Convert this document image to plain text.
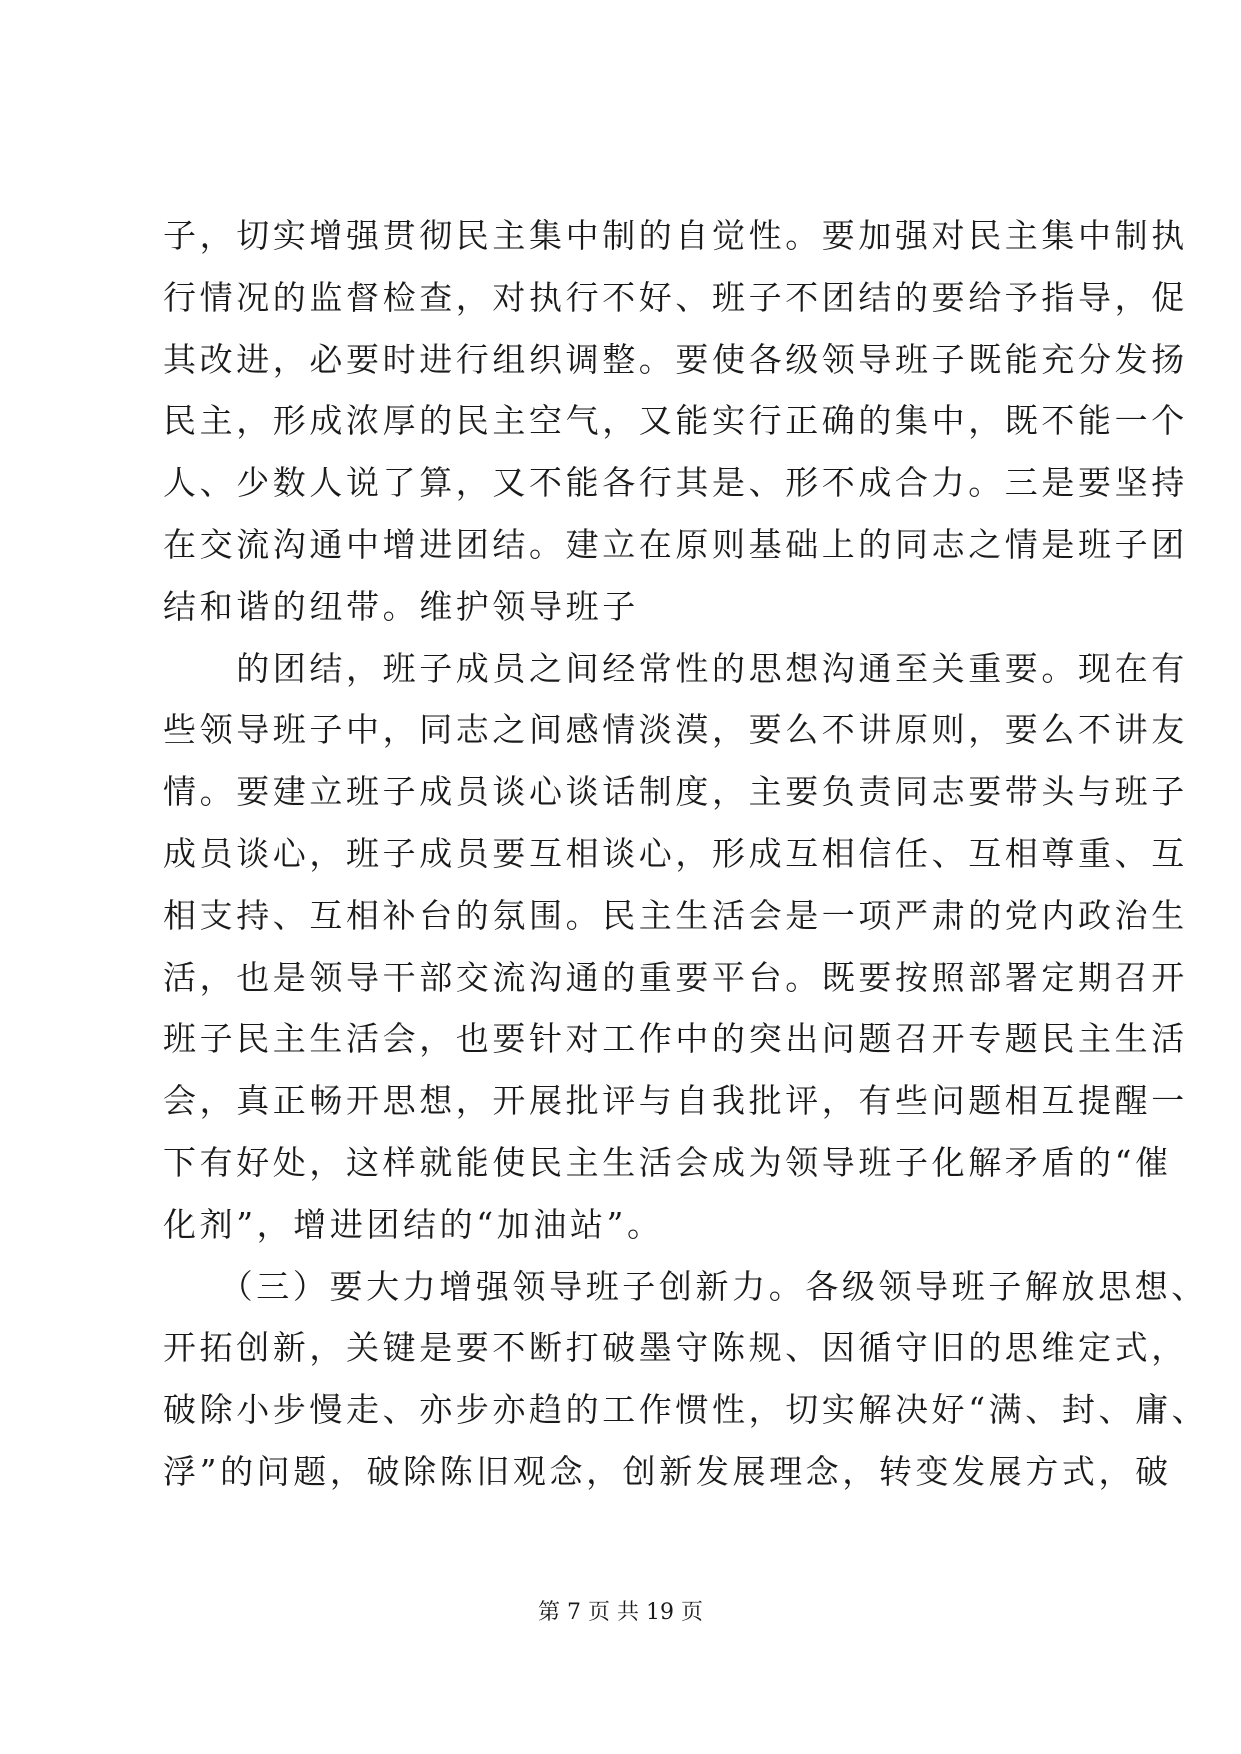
子，切实增强贯彻民主集中制的自觉性。要加强对民主集中制执
行情况的监督检查，对执行不好、班子不团结的要给予指导，促
其改进，必要时进行组织调整。要使各级领导班子既能充分发扬
民主，形成浓厚的民主空气，又能实行正确的集中，既不能一个
人、少数人说了算，又不能各行其是、形不成合力。三是要坚持
在交流沟通中增进团结。建立在原则基础上的同志之情是班子团
结和谐的纽带。维护领导班子
　　的团结，班子成员之间经常性的思想沟通至关重要。现在有
些领导班子中，同志之间感情淡漠，要么不讲原则，要么不讲友
情。要建立班子成员谈心谈话制度，主要负责同志要带头与班子
成员谈心，班子成员要互相谈心，形成互相信任、互相尊重、互
相支持、互相补台的氛围。民主生活会是一项严肃的党内政治生
活，也是领导干部交流沟通的重要平台。既要按照部署定期召开
班子民主生活会，也要针对工作中的突出问题召开专题民主生活
会，真正畅开思想，开展批评与自我批评，有些问题相互提醒一
下有好处，这样就能使民主生活会成为领导班子化解矛盾的“催
化剂”，增进团结的“加油站”。
　　（三）要大力增强领导班子创新力。各级领导班子解放思想、
开拓创新，关键是要不断打破墨守陈规、因循守旧的思维定式，
破除小步慢走、亦步亦趋的工作惯性，切实解决好“满、封、庸、
浮”的问题，破除陈旧观念，创新发展理念，转变发展方式，破
第 7 页 共 19 页
